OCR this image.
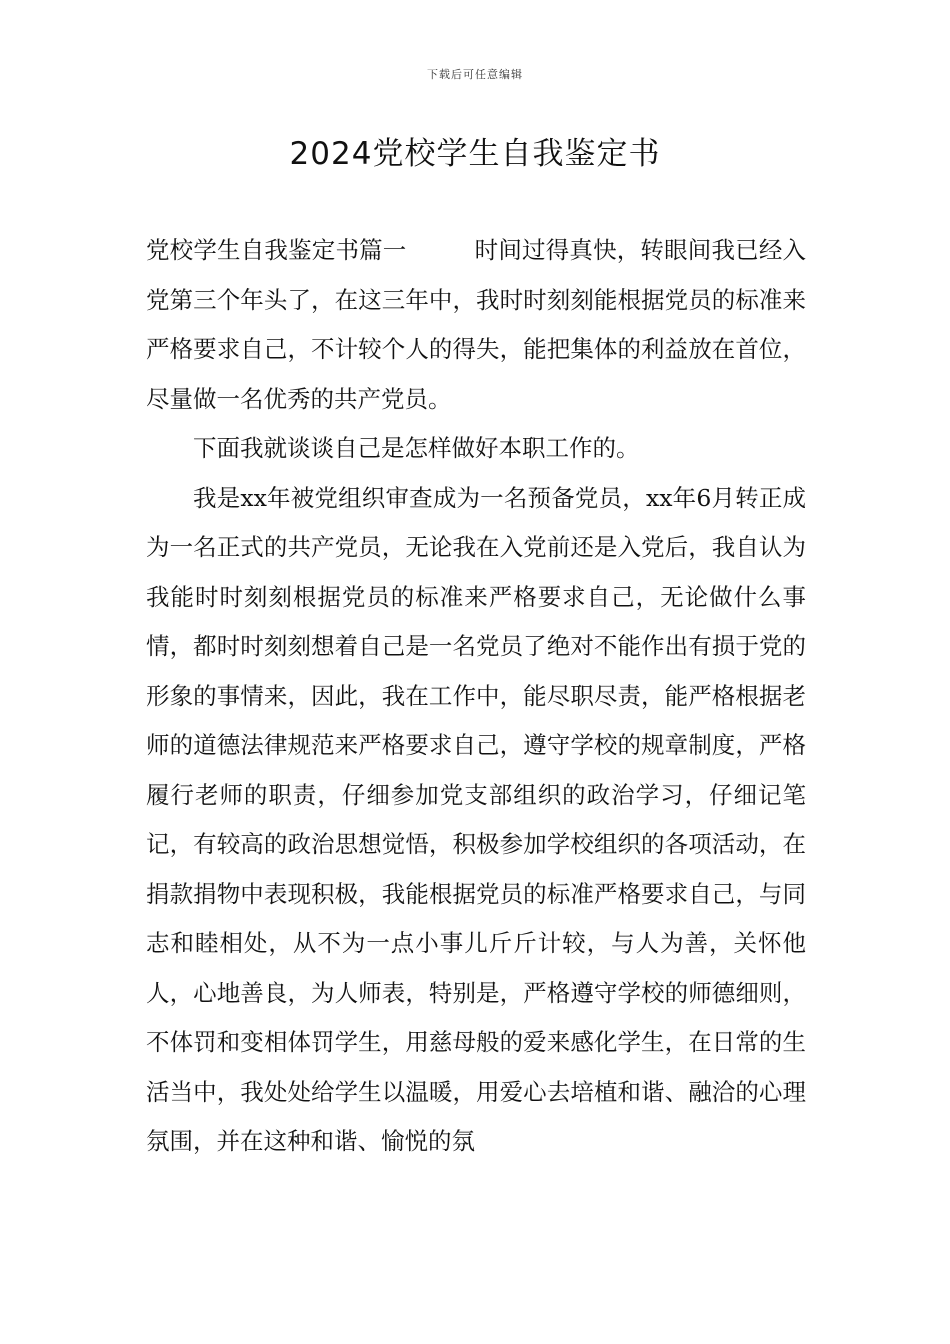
下载后可任意编辑
2024党校学生自我鉴定书

党校学生自我鉴定书篇一	时间过得真快，转眼间我已经入党第三个年头了，在这三年中，我时时刻刻能根据党员的标准来严格要求自己，不计较个人的得失，能把集体的利益放在首位，尽量做一名优秀的共产党员。

下面我就谈谈自己是怎样做好本职工作的。

我是xx年被党组织审查成为一名预备党员，xx年6月转正成为一名正式的共产党员，无论我在入党前还是入党后，我自认为我能时时刻刻根据党员的标准来严格要求自己，无论做什么事情，都时时刻刻想着自己是一名党员了绝对不能作出有损于党的形象的事情来，因此，我在工作中，能尽职尽责，能严格根据老师的道德法律规范来严格要求自己，遵守学校的规章制度，严格履行老师的职责，仔细参加党支部组织的政治学习，仔细记笔记，有较高的政治思想觉悟，积极参加学校组织的各项活动，在捐款捐物中表现积极，我能根据党员的标准严格要求自己，与同志和睦相处，从不为一点小事儿斤斤计较，与人为善，关怀他人，心地善良，为人师表，特别是，严格遵守学校的师德细则，不体罚和变相体罚学生，用慈母般的爱来感化学生，在日常的生活当中，我处处给学生以温暖，用爱心去培植和谐、融洽的心理氛围，并在这种和谐、愉悦的氛
